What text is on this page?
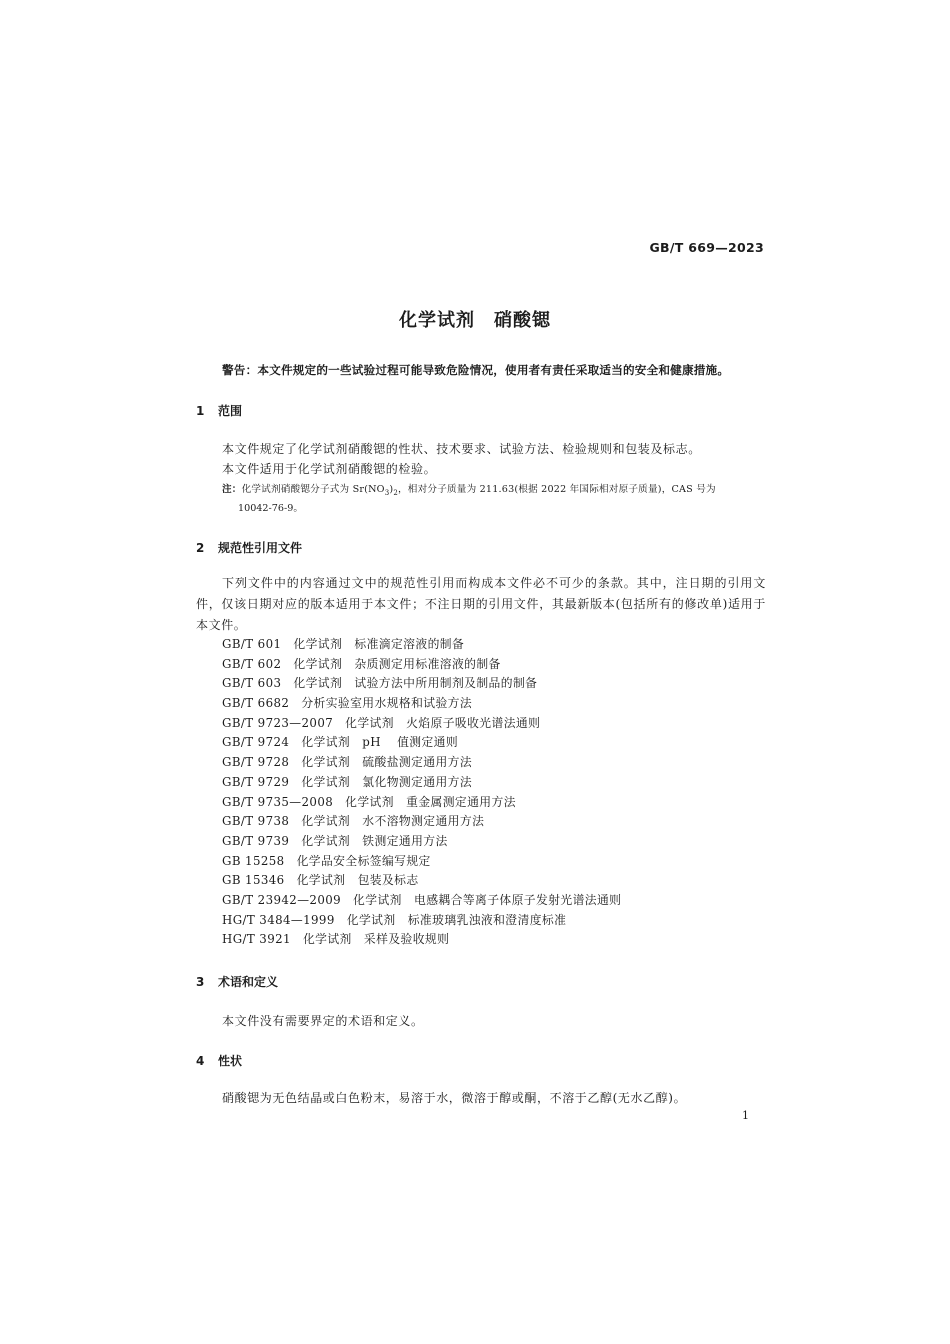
GB/T 669—2023
化学试剂　硝酸锶
警告：本文件规定的一些试验过程可能导致危险情况，使用者有责任采取适当的安全和健康措施。
1 范围
本文件规定了化学试剂硝酸锶的性状、技术要求、试验方法、检验规则和包装及标志。
本文件适用于化学试剂硝酸锶的检验。
注：化学试剂硝酸锶分子式为 $Sr(NO_3)_2$，相对分子质量为 211.63(根据 2022 年国际相对原子质量)，CAS 号为
10042-76-9。
2 规范性引用文件
下列文件中的内容通过文中的规范性引用而构成本文件必不可少的条款。其中，注日期的引用文件，仅该日期对应的版本适用于本文件；不注日期的引用文件，其最新版本(包括所有的修改单)适用于本文件。
GB/T 601 化学试剂　标准滴定溶液的制备
GB/T 602 化学试剂　杂质测定用标准溶液的制备
GB/T 603 化学试剂　试验方法中所用制剂及制品的制备
GB/T 6682 分析实验室用水规格和试验方法
GB/T 9723—2007 化学试剂　火焰原子吸收光谱法通则
GB/T 9724 化学试剂　pH 值测定通则
GB/T 9728 化学试剂　硫酸盐测定通用方法
GB/T 9729 化学试剂　氯化物测定通用方法
GB/T 9735—2008 化学试剂　重金属测定通用方法
GB/T 9738 化学试剂　水不溶物测定通用方法
GB/T 9739 化学试剂　铁测定通用方法
GB 15258 化学品安全标签编写规定
GB 15346 化学试剂　包装及标志
GB/T 23942—2009 化学试剂　电感耦合等离子体原子发射光谱法通则
HG/T 3484—1999 化学试剂　标准玻璃乳浊液和澄清度标准
HG/T 3921 化学试剂　采样及验收规则
3 术语和定义
本文件没有需要界定的术语和定义。
4 性状
硝酸锶为无色结晶或白色粉末，易溶于水，微溶于醇或酮，不溶于乙醇(无水乙醇)。
1
